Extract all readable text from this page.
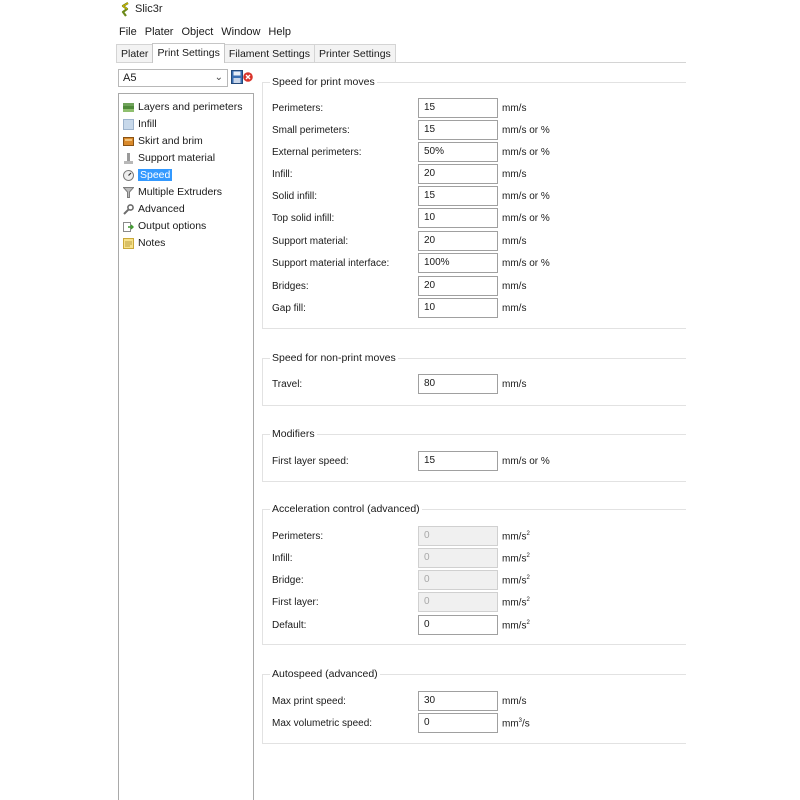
Slic3r
File Plater Object Window Help
Plater Print Settings Filament Settings Printer Settings
A5	⌄
Layers and perimeters
Infill
Skirt and brim
Support material
Speed
Multiple Extruders
Advanced
Output options
Notes
Speed for print moves
Perimeters:	15	mm/s
Small perimeters:	15	mm/s or %
External perimeters:	50%	mm/s or %
Infill:	20	mm/s
Solid infill:	15	mm/s or %
Top solid infill:	10	mm/s or %
Support material:	20	mm/s
Support material interface:	100%	mm/s or %
Bridges:	20	mm/s
Gap fill:	10	mm/s
Speed for non-print moves
Travel:	80	mm/s
Modifiers
First layer speed:	15	mm/s or %
Acceleration control (advanced)
Perimeters:	0	$mm/s^2$
Infill:	0	$mm/s^2$
Bridge:	0	$mm/s^2$
First layer:	0	$mm/s^2$
Default:	0	$mm/s^2$
Autospeed (advanced)
Max print speed:	30	mm/s
Max volumetric speed:	0	$mm^3/s$
